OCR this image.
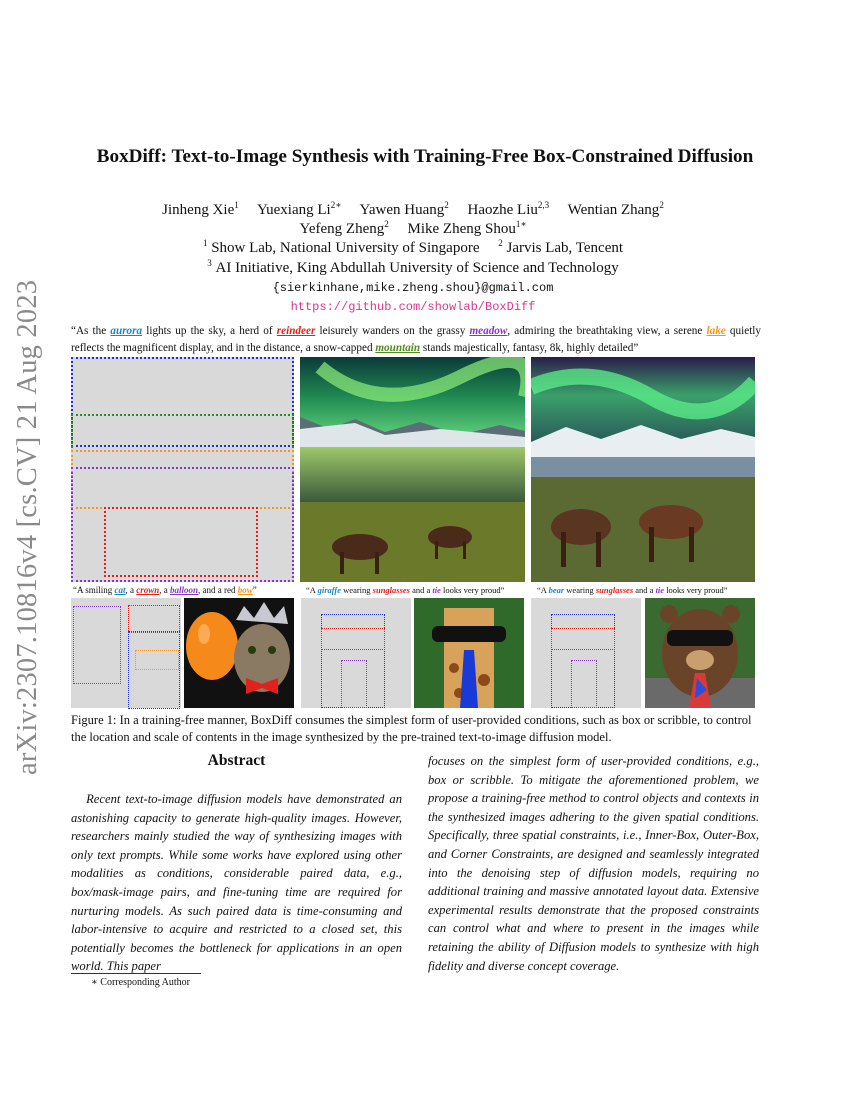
arXiv:2307.10816v4 [cs.CV] 21 Aug 2023
BoxDiff: Text-to-Image Synthesis with Training-Free Box-Constrained Diffusion
Jinheng Xie$^1$ Yuexiang $Li^{2∗}$ Yawen Huang$^2$ Haozhe Liu$^{2,3}$ Wentian Zhang$^2$
Yefeng Zheng$^2$ Mike Zheng Shou$^{1∗}$
$^1$ Show Lab, National University of Singapore $^2$ Jarvis Lab, Tencent
$^3$ AI Initiative, King Abdullah University of Science and Technology
{sierkinhane,mike.zheng.shou}@gmail.com
https://github.com/showlab/BoxDiff
“As the aurora lights up the sky, a herd of reindeer leisurely wanders on the grassy meadow, admiring the breathtaking view, a serene lake quietly reflects the magnificent display, and in the distance, a snow-capped mountain stands majestically, fantasy, 8k, highly detailed”
“A smiling cat, a crown, a balloon, and a red bow”	“A giraffe wearing sunglasses and a tie looks very proud”	“A bear wearing sunglasses and a tie looks very proud”
Figure 1: In a training-free manner, BoxDiff consumes the simplest form of user-provided conditions, such as box or scribble, to control the location and scale of contents in the image synthesized by the pre-trained text-to-image diffusion model.
Abstract

Recent text-to-image diffusion models have demonstrated an astonishing capacity to generate high-quality images. However, researchers mainly studied the way of synthesizing images with only text prompts. While some works have explored using other modalities as conditions, considerable paired data, e.g., box/mask-image pairs, and fine-tuning time are required for nurturing models. As such paired data is time-consuming and labor-intensive to acquire and restricted to a closed set, this potentially becomes the bottleneck for applications in an open world. This paper

focuses on the simplest form of user-provided conditions, e.g., box or scribble. To mitigate the aforementioned problem, we propose a training-free method to control objects and contexts in the synthesized images adhering to the given spatial conditions. Specifically, three spatial constraints, i.e., Inner-Box, Outer-Box, and Corner Constraints, are designed and seamlessly integrated into the denoising step of diffusion models, requiring no additional training and massive annotated layout data. Extensive experimental results demonstrate that the proposed constraints can control what and where to present in the images while retaining the ability of Diffusion models to synthesize with high fidelity and diverse concept coverage.

∗ Corresponding Author
